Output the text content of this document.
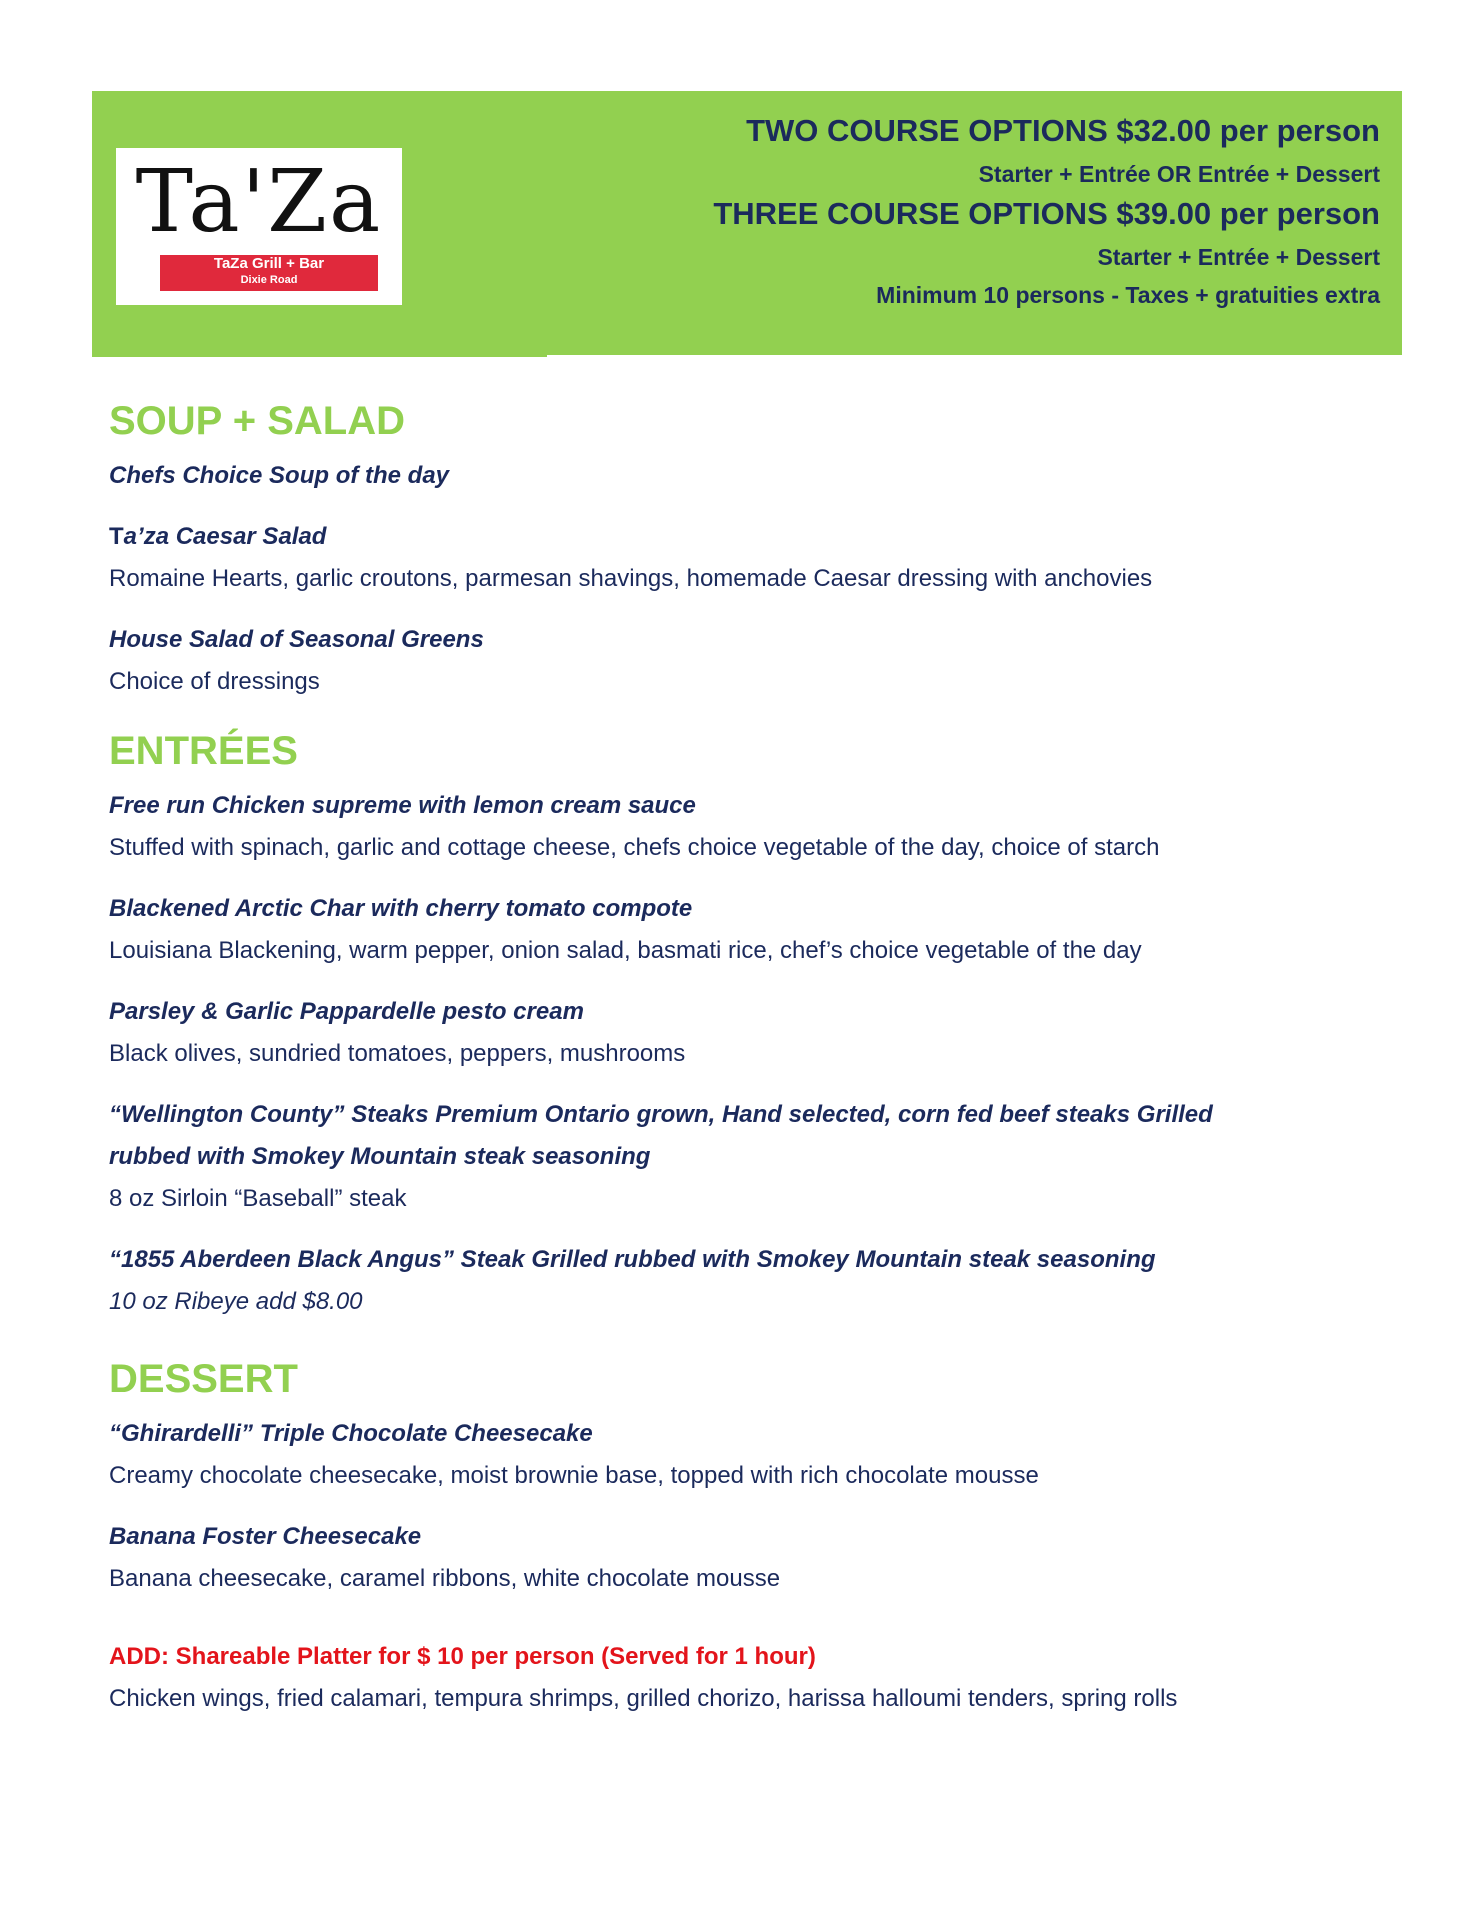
Ta'Za
TaZa Grill + Bar
Dixie Road
TWO COURSE OPTIONS $32.00 per person
Starter + Entrée OR Entrée + Dessert
THREE COURSE OPTIONS $39.00 per person
Starter + Entrée + Dessert
Minimum 10 persons - Taxes + gratuities extra
SOUP + SALAD
Chefs Choice Soup of the day
Ta’za Caesar Salad
Romaine Hearts, garlic croutons, parmesan shavings, homemade Caesar dressing with anchovies
House Salad of Seasonal Greens
Choice of dressings
ENTRÉES
Free run Chicken supreme with lemon cream sauce
Stuffed with spinach, garlic and cottage cheese, chefs choice vegetable of the day, choice of starch
Blackened Arctic Char with cherry tomato compote
Louisiana Blackening, warm pepper, onion salad, basmati rice, chef’s choice vegetable of the day
Parsley & Garlic Pappardelle pesto cream
Black olives, sundried tomatoes, peppers, mushrooms
“Wellington County” Steaks Premium Ontario grown, Hand selected, corn fed beef steaks Grilled
rubbed with Smokey Mountain steak seasoning
8 oz Sirloin “Baseball” steak
“1855 Aberdeen Black Angus” Steak Grilled rubbed with Smokey Mountain steak seasoning
10 oz Ribeye add $8.00
DESSERT
“Ghirardelli” Triple Chocolate Cheesecake
Creamy chocolate cheesecake, moist brownie base, topped with rich chocolate mousse
Banana Foster Cheesecake
Banana cheesecake, caramel ribbons, white chocolate mousse
ADD: Shareable Platter for $ 10 per person (Served for 1 hour)
Chicken wings, fried calamari, tempura shrimps, grilled chorizo, harissa halloumi tenders, spring rolls
